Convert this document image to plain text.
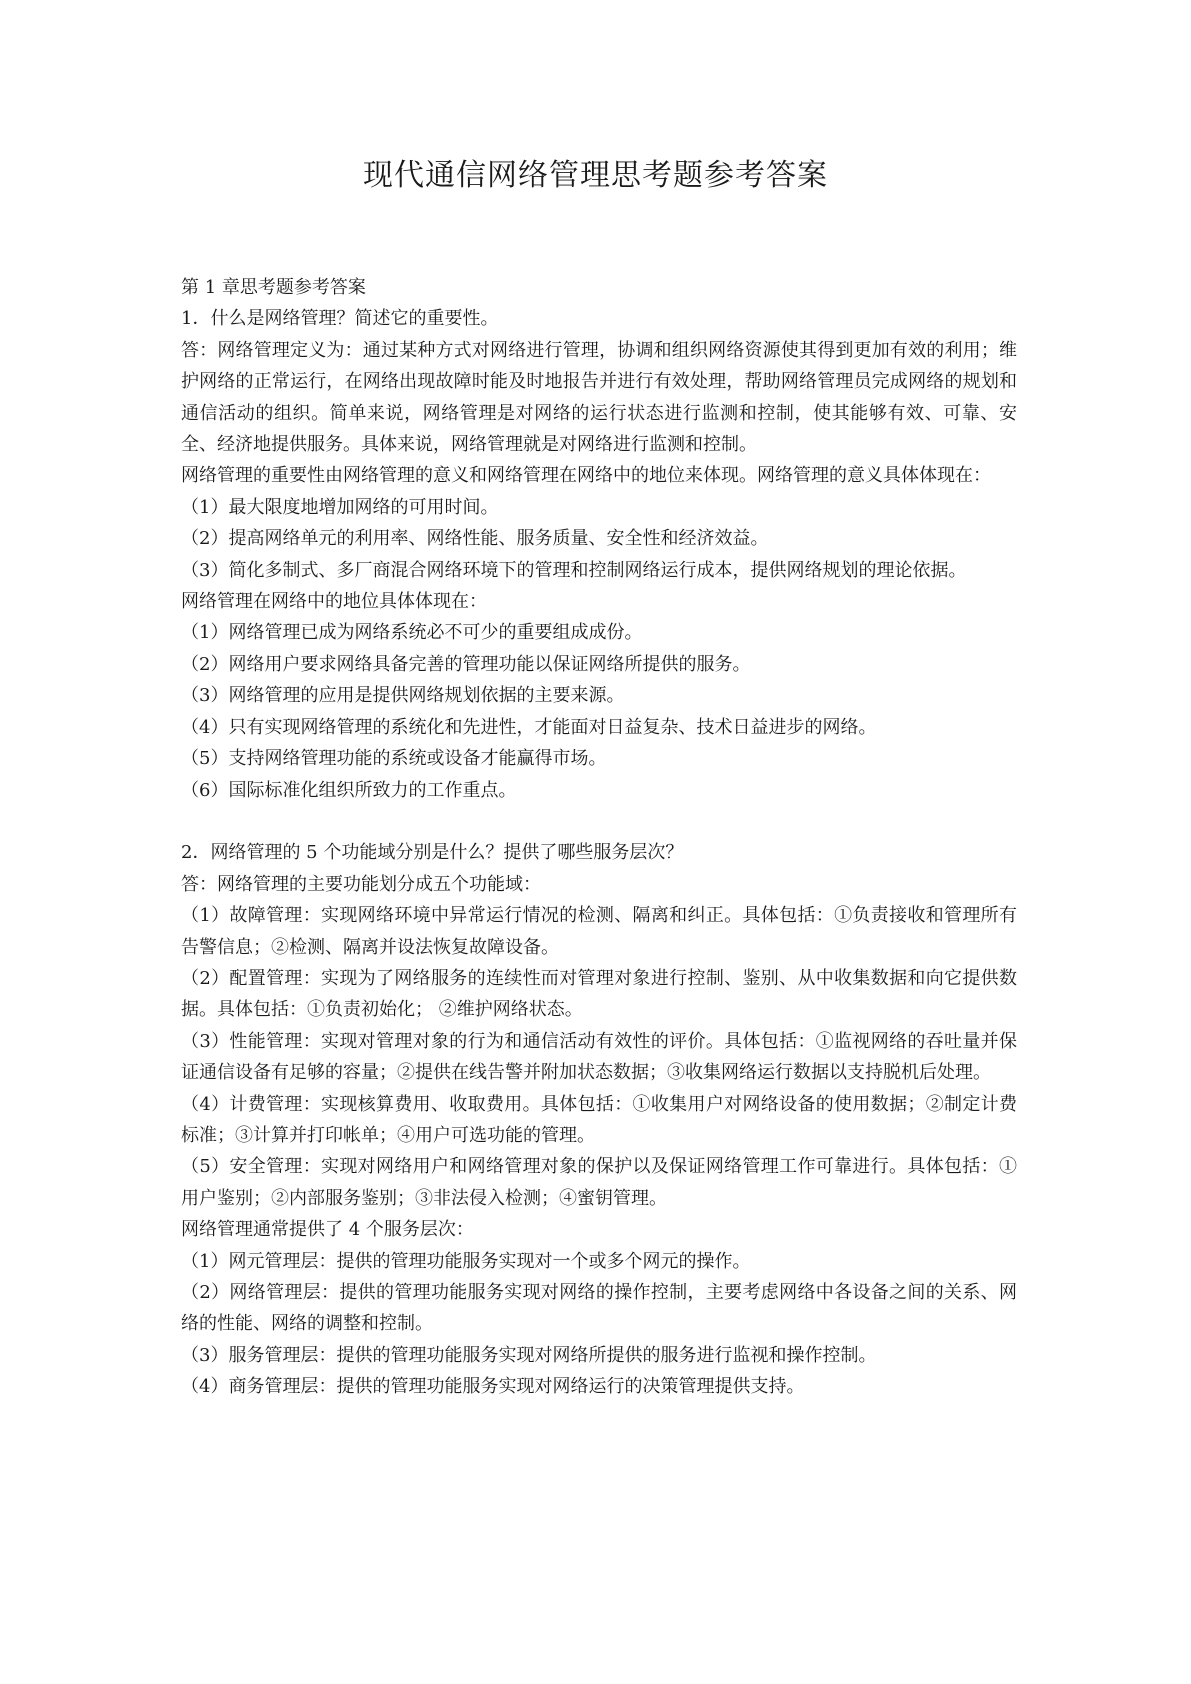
现代通信网络管理思考题参考答案

第 1 章思考题参考答案

1．什么是网络管理？简述它的重要性。

答：网络管理定义为：通过某种方式对网络进行管理，协调和组织网络资源使其得到更加有效的利用；维护网络的正常运行，在网络出现故障时能及时地报告并进行有效处理，帮助网络管理员完成网络的规划和通信活动的组织。简单来说，网络管理是对网络的运行状态进行监测和控制，使其能够有效、可靠、安全、经济地提供服务。具体来说，网络管理就是对网络进行监测和控制。

网络管理的重要性由网络管理的意义和网络管理在网络中的地位来体现。网络管理的意义具体体现在：

（1）最大限度地增加网络的可用时间。

（2）提高网络单元的利用率、网络性能、服务质量、安全性和经济效益。

（3）简化多制式、多厂商混合网络环境下的管理和控制网络运行成本，提供网络规划的理论依据。

网络管理在网络中的地位具体体现在：

（1）网络管理已成为网络系统必不可少的重要组成成份。

（2）网络用户要求网络具备完善的管理功能以保证网络所提供的服务。

（3）网络管理的应用是提供网络规划依据的主要来源。

（4）只有实现网络管理的系统化和先进性，才能面对日益复杂、技术日益进步的网络。

（5）支持网络管理功能的系统或设备才能赢得市场。

（6）国际标准化组织所致力的工作重点。

2．网络管理的 5 个功能域分别是什么？提供了哪些服务层次？

答：网络管理的主要功能划分成五个功能域：

（1）故障管理：实现网络环境中异常运行情况的检测、隔离和纠正。具体包括：①负责接收和管理所有告警信息；②检测、隔离并设法恢复故障设备。

（2）配置管理：实现为了网络服务的连续性而对管理对象进行控制、鉴别、从中收集数据和向它提供数据。具体包括：①负责初始化； ②维护网络状态。

（3）性能管理：实现对管理对象的行为和通信活动有效性的评价。具体包括：①监视网络的吞吐量并保证通信设备有足够的容量；②提供在线告警并附加状态数据；③收集网络运行数据以支持脱机后处理。

（4）计费管理：实现核算费用、收取费用。具体包括：①收集用户对网络设备的使用数据；②制定计费标准；③计算并打印帐单；④用户可选功能的管理。

（5）安全管理：实现对网络用户和网络管理对象的保护以及保证网络管理工作可靠进行。具体包括：①用户鉴别；②内部服务鉴别；③非法侵入检测；④蜜钥管理。

网络管理通常提供了 4 个服务层次：

（1）网元管理层：提供的管理功能服务实现对一个或多个网元的操作。

（2）网络管理层：提供的管理功能服务实现对网络的操作控制，主要考虑网络中各设备之间的关系、网络的性能、网络的调整和控制。

（3）服务管理层：提供的管理功能服务实现对网络所提供的服务进行监视和操作控制。

（4）商务管理层：提供的管理功能服务实现对网络运行的决策管理提供支持。
